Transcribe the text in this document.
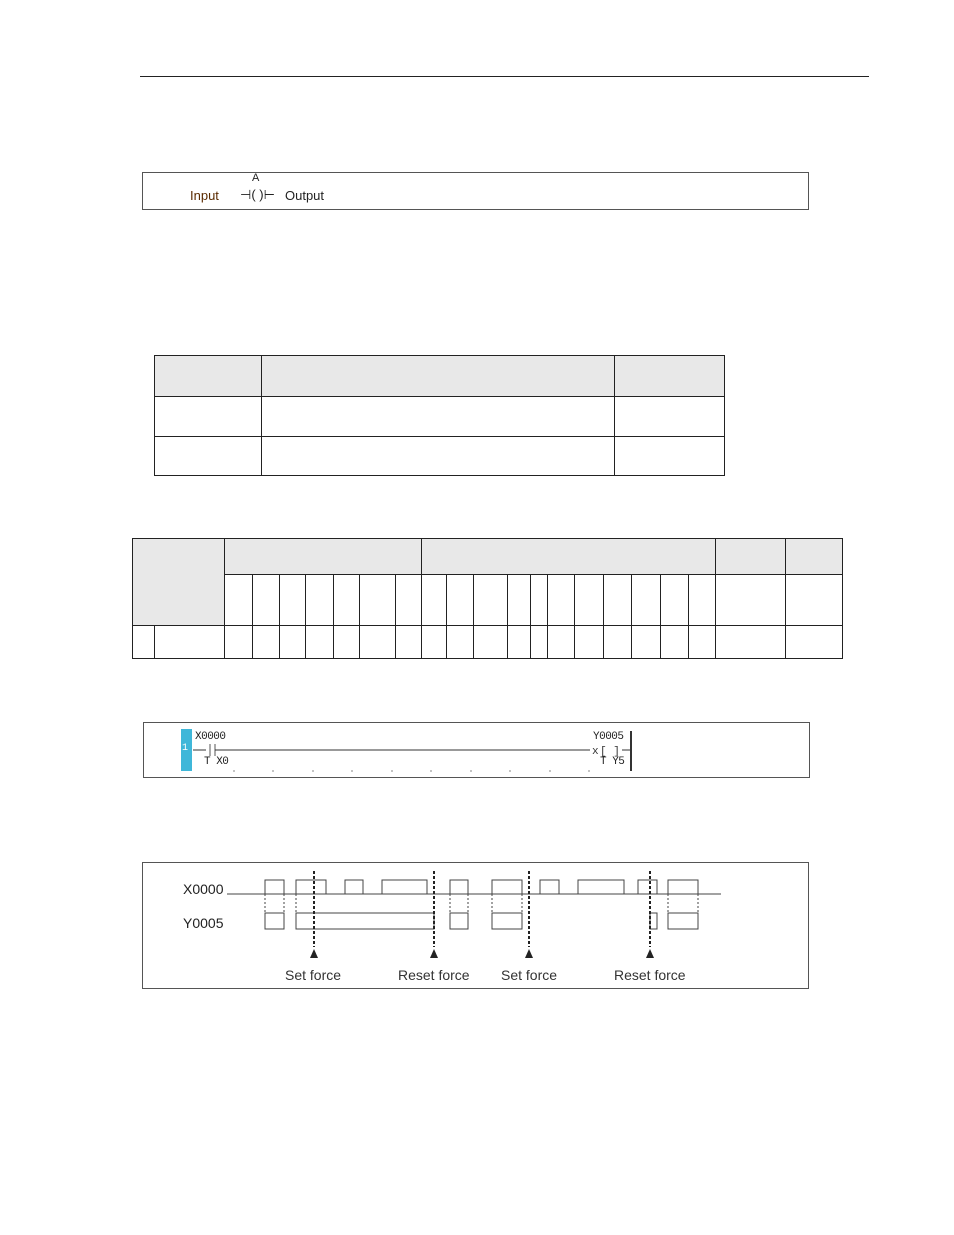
A
Input ⊣( )⊢ Output

1	x [ ]
X0000
T X0
Y0005
T Y5
X0000
Y0005
Set force	Reset force Set force	Reset force
